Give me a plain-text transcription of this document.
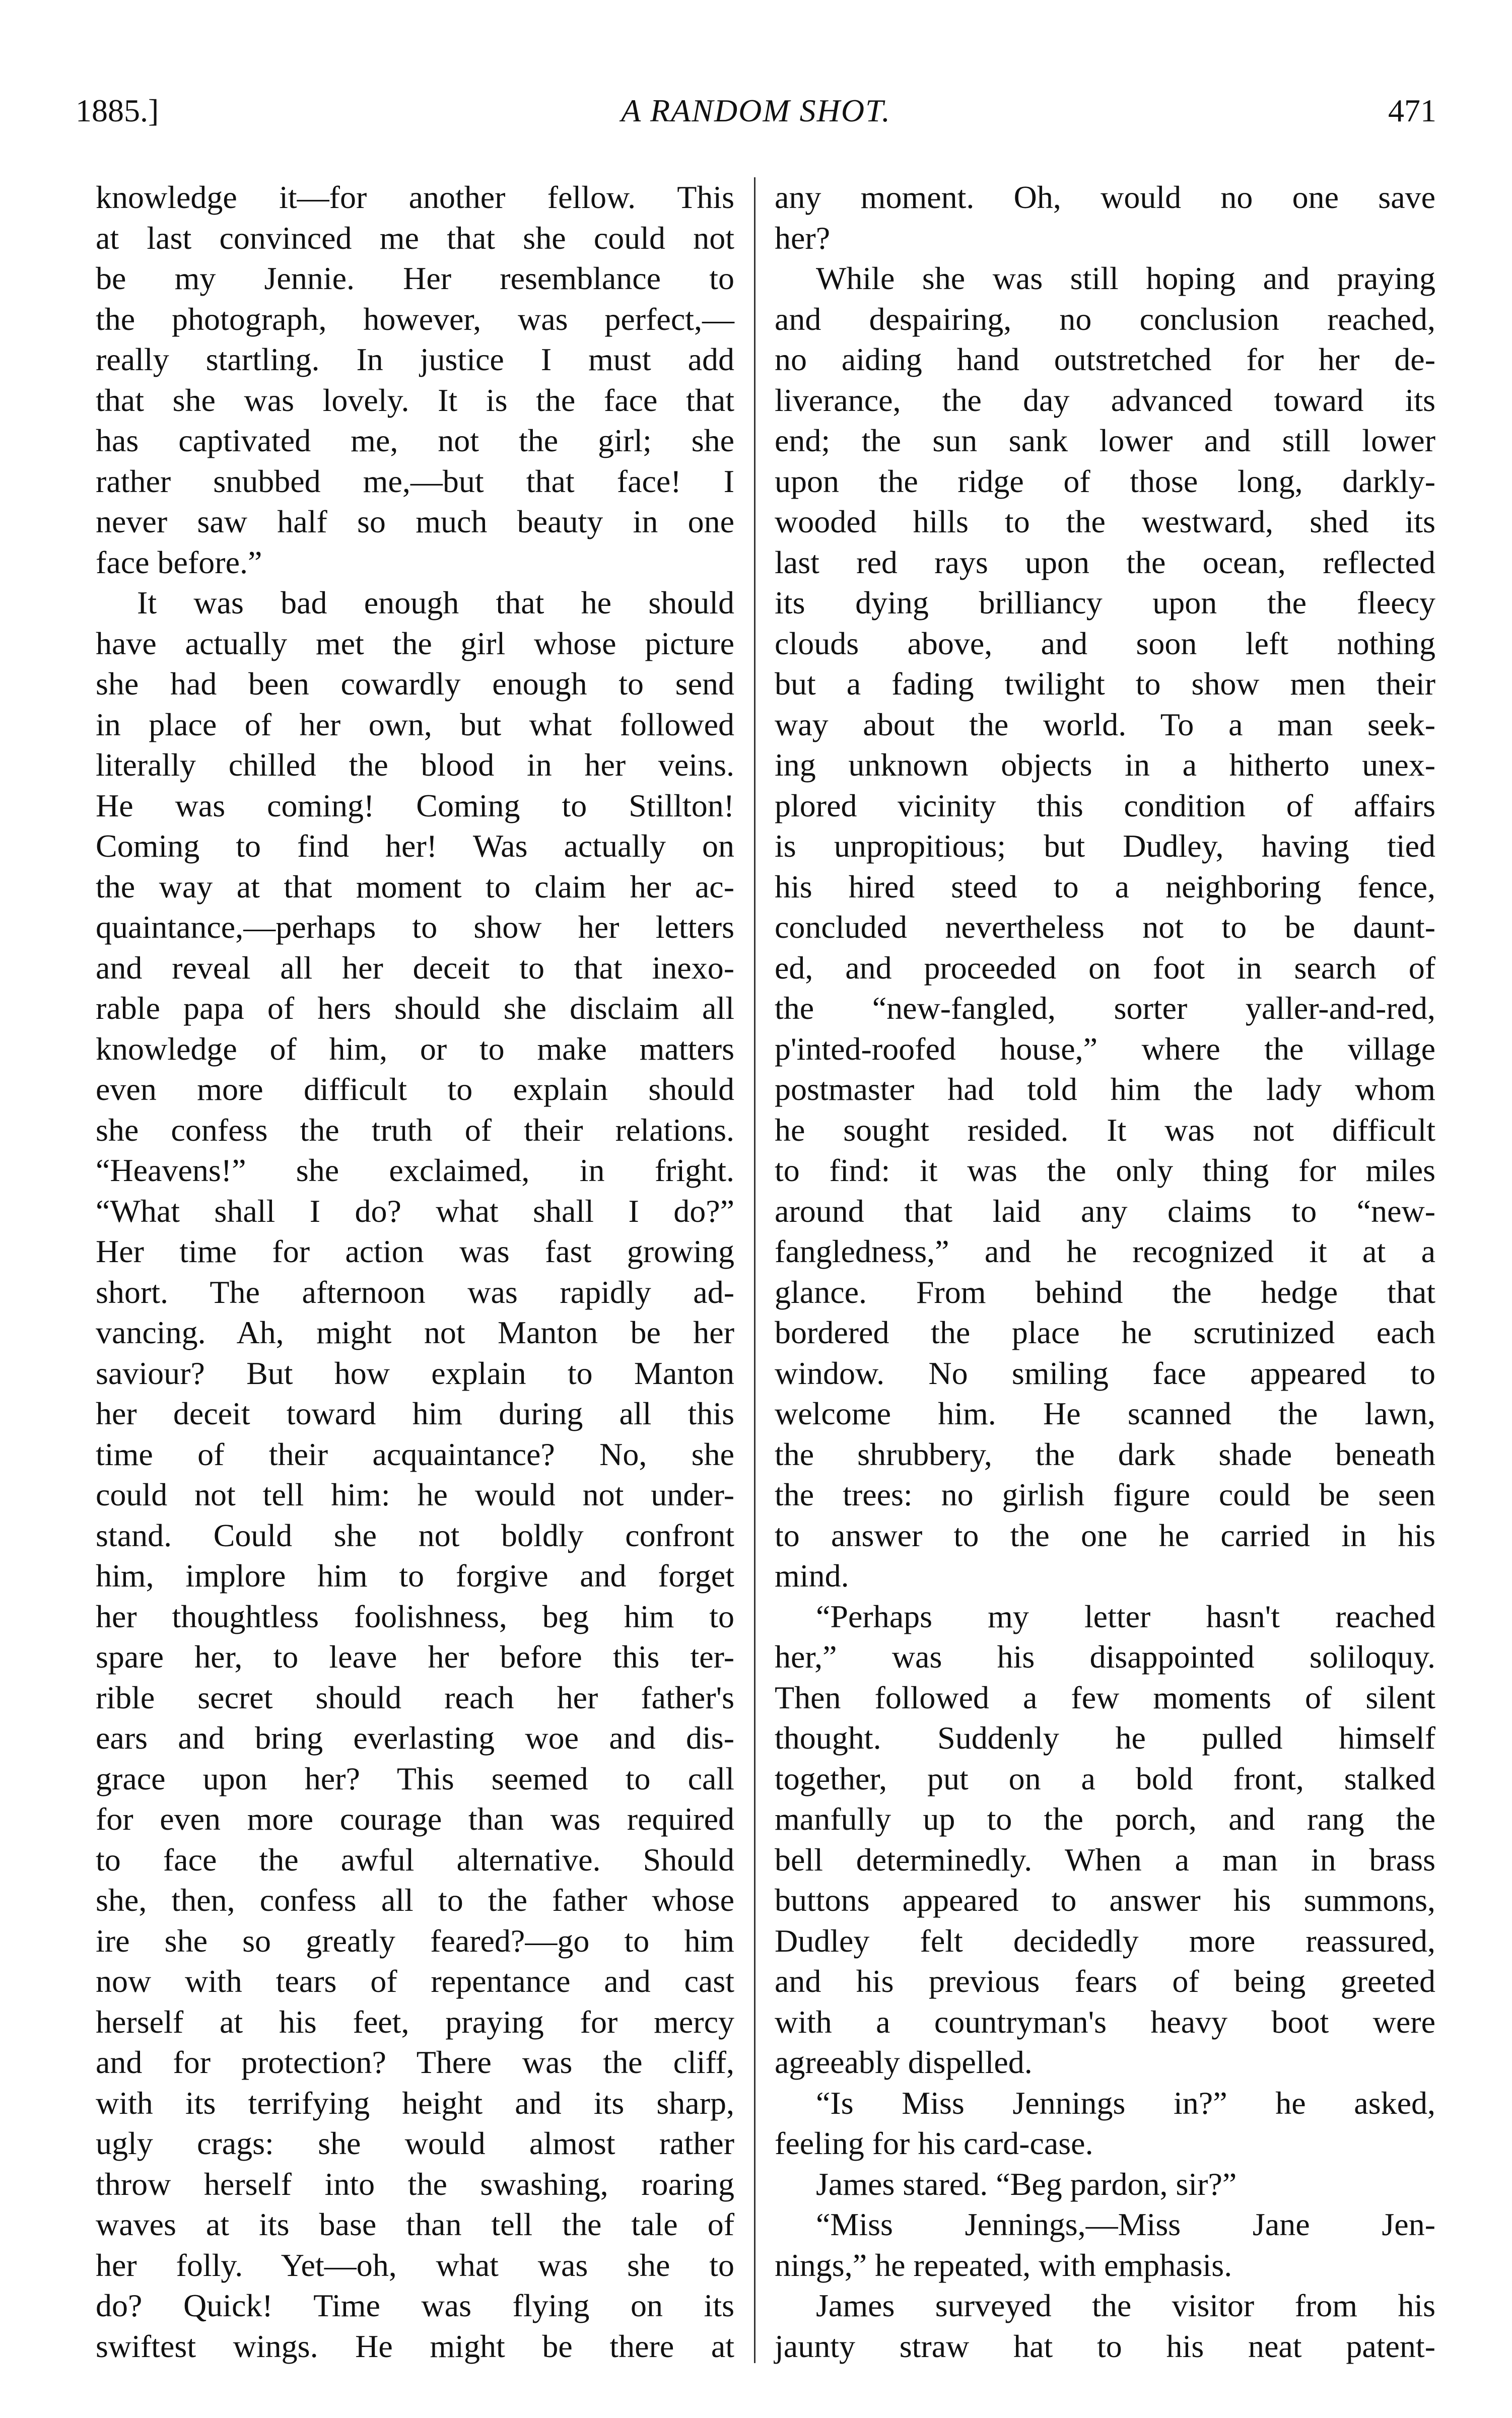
1885.]	A RANDOM SHOT.	471
knowledge it—for another fellow. This
at last convinced me that she could not
be my Jennie. Her resemblance to
the photograph, however, was perfect,—
really startling. In justice I must add
that she was lovely. It is the face that
has captivated me, not the girl; she
rather snubbed me,—but that face! I
never saw half so much beauty in one
face before.”
It was bad enough that he should
have actually met the girl whose picture
she had been cowardly enough to send
in place of her own, but what followed
literally chilled the blood in her veins.
He was coming! Coming to Stillton!
Coming to find her! Was actually on
the way at that moment to claim her ac-
quaintance,—perhaps to show her letters
and reveal all her deceit to that inexo-
rable papa of hers should she disclaim all
knowledge of him, or to make matters
even more difficult to explain should
she confess the truth of their relations.
“Heavens!” she exclaimed, in fright.
“What shall I do? what shall I do?”
Her time for action was fast growing
short. The afternoon was rapidly ad-
vancing. Ah, might not Manton be her
saviour? But how explain to Manton
her deceit toward him during all this
time of their acquaintance? No, she
could not tell him: he would not under-
stand. Could she not boldly confront
him, implore him to forgive and forget
her thoughtless foolishness, beg him to
spare her, to leave her before this ter-
rible secret should reach her father's
ears and bring everlasting woe and dis-
grace upon her? This seemed to call
for even more courage than was required
to face the awful alternative. Should
she, then, confess all to the father whose
ire she so greatly feared?—go to him
now with tears of repentance and cast
herself at his feet, praying for mercy
and for protection? There was the cliff,
with its terrifying height and its sharp,
ugly crags: she would almost rather
throw herself into the swashing, roaring
waves at its base than tell the tale of
her folly. Yet—oh, what was she to
do? Quick! Time was flying on its
swiftest wings. He might be there at
any moment. Oh, would no one save
her?
While she was still hoping and praying
and despairing, no conclusion reached,
no aiding hand outstretched for her de-
liverance, the day advanced toward its
end; the sun sank lower and still lower
upon the ridge of those long, darkly-
wooded hills to the westward, shed its
last red rays upon the ocean, reflected
its dying brilliancy upon the fleecy
clouds above, and soon left nothing
but a fading twilight to show men their
way about the world. To a man seek-
ing unknown objects in a hitherto unex-
plored vicinity this condition of affairs
is unpropitious; but Dudley, having tied
his hired steed to a neighboring fence,
concluded nevertheless not to be daunt-
ed, and proceeded on foot in search of
the “new-fangled, sorter yaller-and-red,
p'inted-roofed house,” where the village
postmaster had told him the lady whom
he sought resided. It was not difficult
to find: it was the only thing for miles
around that laid any claims to “new-
fangledness,” and he recognized it at a
glance. From behind the hedge that
bordered the place he scrutinized each
window. No smiling face appeared to
welcome him. He scanned the lawn,
the shrubbery, the dark shade beneath
the trees: no girlish figure could be seen
to answer to the one he carried in his
mind.
“Perhaps my letter hasn't reached
her,” was his disappointed soliloquy.
Then followed a few moments of silent
thought. Suddenly he pulled himself
together, put on a bold front, stalked
manfully up to the porch, and rang the
bell determinedly. When a man in brass
buttons appeared to answer his summons,
Dudley felt decidedly more reassured,
and his previous fears of being greeted
with a countryman's heavy boot were
agreeably dispelled.
“Is Miss Jennings in?” he asked,
feeling for his card-case.
James stared. “Beg pardon, sir?”
“Miss Jennings,—Miss Jane Jen-
nings,” he repeated, with emphasis.
James surveyed the visitor from his
jaunty straw hat to his neat patent-
